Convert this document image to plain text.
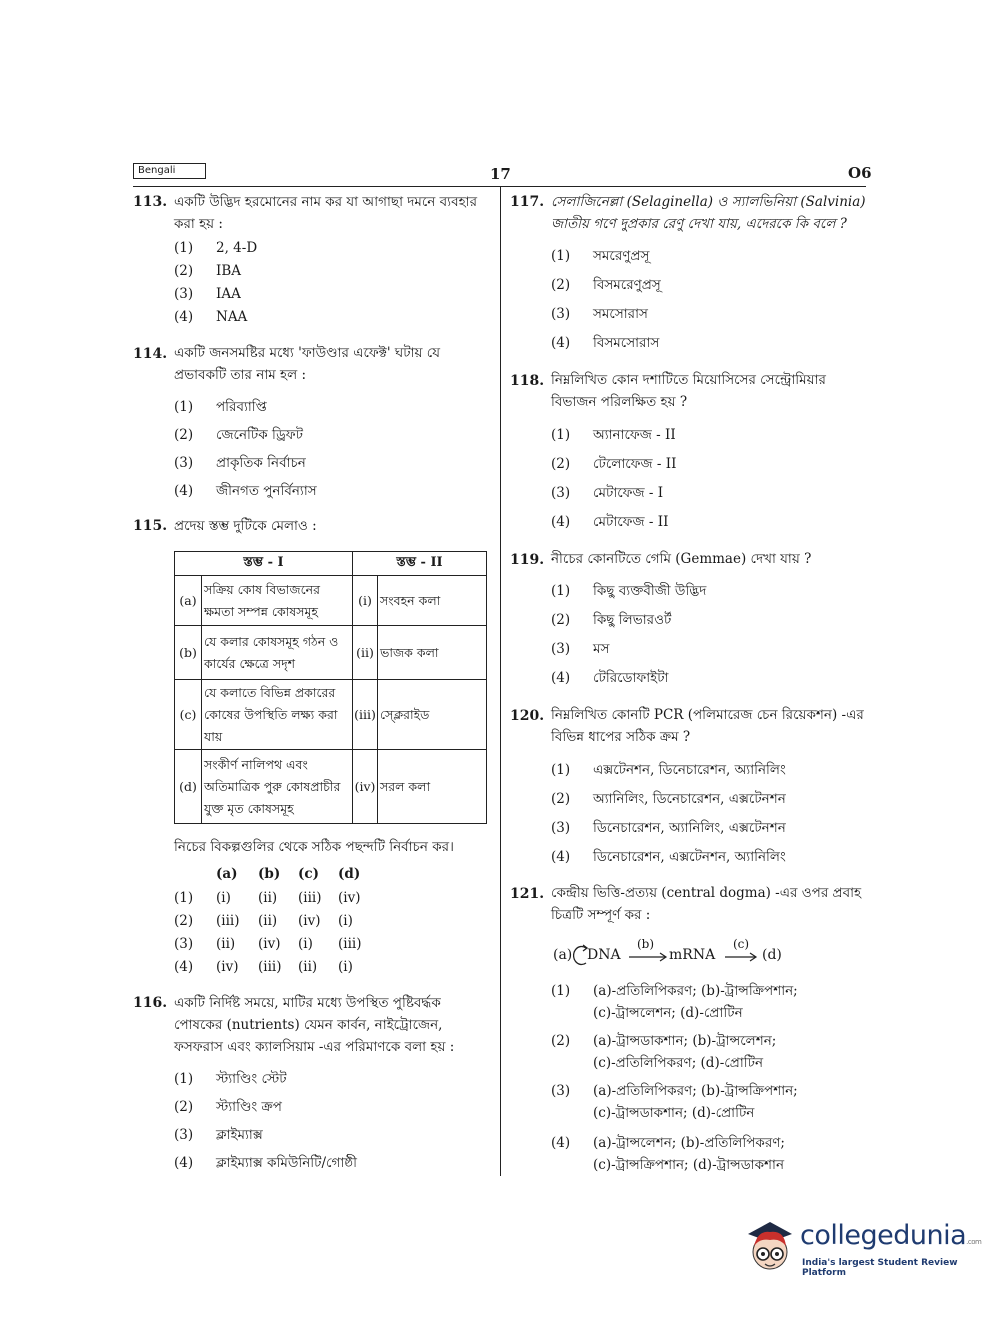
Bengali	17	O6
113. একটি উদ্ভিদ হরমোনের নাম কর যা আগাছা দমনে ব্যবহার করা হয় :
(1) 2, 4-D
(2) IBA
(3) IAA
(4) NAA
114. একটি জনসমষ্টির মধ্যে 'ফাউণ্ডার এফেক্ট' ঘটায় যে প্রভাবকটি তার নাম হল :
(1) পরিব্যাপ্তি
(2) জেনেটিক ড্রিফট
(3) প্রাকৃতিক নির্বাচন
(4) জীনগত পুনর্বিন্যাস
115. প্রদেয় স্তম্ভ দুটিকে মেলাও :
স্তম্ভ - I		স্তম্ভ - II	
(a)	সক্রিয় কোষ বিভাজনের ক্ষমতা সম্পন্ন কোষসমূহ	(i)	সংবহন কলা
(b)	যে কলার কোষসমূহ গঠন ও কার্যের ক্ষেত্রে সদৃশ	(ii)	ভাজক কলা
(c)	যে কলাতে বিভিন্ন প্রকারের কোষের উপস্থিতি লক্ষ্য করা যায়	(iii)	স্ক্লেরাইড
(d)	সংকীর্ণ নালিপথ এবং অতিমাত্রিক পুরু কোষপ্রাচীর যুক্ত মৃত কোষসমূহ	(iv)	সরল কলা
নিচের বিকল্পগুলির থেকে সঠিক পছন্দটি নির্বাচন কর।
(a) (b) (c) (d)
(1) (i) (ii) (iii) (iv)
(2) (iii) (ii) (iv) (i)
(3) (ii) (iv) (i) (iii)
(4) (iv) (iii) (ii) (i)
116. একটি নির্দিষ্ট সময়ে, মাটির মধ্যে উপস্থিত পুষ্টিবর্দ্ধক পোষকের (nutrients) যেমন কার্বন, নাইট্রোজেন, ফসফরাস এবং ক্যালসিয়াম -এর পরিমাণকে বলা হয় :
(1) স্ট্যাণ্ডিং স্টেট
(2) স্ট্যাণ্ডিং ক্রপ
(3) ক্লাইম্যাক্স
(4) ক্লাইম্যাক্স কমিউনিটি/গোষ্ঠী
117. সেলাজিনেল্লা (Selaginella) ও স্যালভিনিয়া (Salvinia) জাতীয় গণে দুপ্রকার রেণু দেখা যায়, এদেরকে কি বলে ?
(1) সমরেণুপ্রসূ
(2) বিসমরেণুপ্রসূ
(3) সমসোরাস
(4) বিসমসোরাস
118. নিম্নলিখিত কোন দশাটিতে মিয়োসিসের সেন্ট্রোমিয়ার বিভাজন পরিলক্ষিত হয় ?
(1) অ্যানাফেজ - II
(2) টেলোফেজ - II
(3) মেটাফেজ - I
(4) মেটাফেজ - II
119. নীচের কোনটিতে গেমি (Gemmae) দেখা যায় ?
(1) কিছু ব্যক্তবীজী উদ্ভিদ
(2) কিছু লিভারওর্ট
(3) মস
(4) টেরিডোফাইটা
120. নিম্নলিখিত কোনটি PCR (পলিমারেজ চেন রিয়েকশন) -এর বিভিন্ন ধাপের সঠিক ক্রম ?
(1) এক্সটেনশন, ডিনেচারেশন, অ্যানিলিং
(2) অ্যানিলিং, ডিনেচারেশন, এক্সটেনশন
(3) ডিনেচারেশন, অ্যানিলিং, এক্সটেনশন
(4) ডিনেচারেশন, এক্সটেনশন, অ্যানিলিং
121. কেন্দ্রীয় ভিত্তি-প্রত্যয় (central dogma) -এর ওপর প্রবাহ চিত্রটি সম্পূর্ণ কর :
(a) DNA
(b)
mRNA
(c)
(d)
(1) (a)-প্রতিলিপিকরণ; (b)-ট্রান্সক্রিপশান;
(c)-ট্রান্সলেশন; (d)-প্রোটিন
(2) (a)-ট্রান্সডাকশান; (b)-ট্রান্সলেশন;
(c)-প্রতিলিপিকরণ; (d)-প্রোটিন
(3) (a)-প্রতিলিপিকরণ; (b)-ট্রান্সক্রিপশান;
(c)-ট্রান্সডাকশান; (d)-প্রোটিন
(4) (a)-ট্রান্সলেশন; (b)-প্রতিলিপিকরণ;
(c)-ট্রান্সক্রিপশান; (d)-ট্রান্সডাকশান
collegedunia.com
India's largest Student Review Platform
